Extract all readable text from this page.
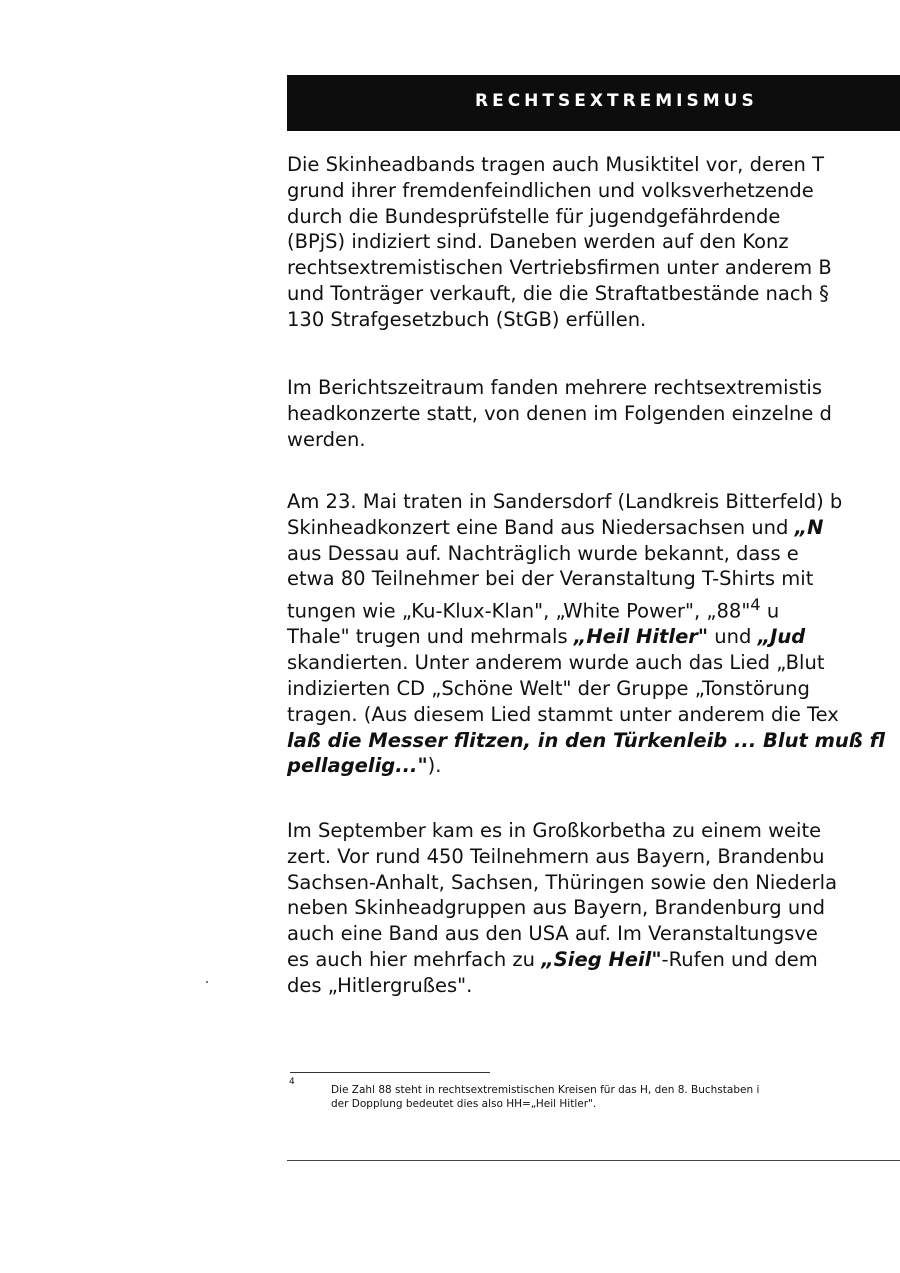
RECHTSEXTREMISMUS

Die Skinheadbands tragen auch Musiktitel vor, deren T
grund ihrer fremdenfeindlichen und volksverhetzende
durch die Bundesprüfstelle für jugendgefährdende
(BPjS) indiziert sind. Daneben werden auf den Konz
rechtsextremistischen Vertriebsfirmen unter anderem B
und Tonträger verkauft, die die Straftatbestände nach §
130 Strafgesetzbuch (StGB) erfüllen.

Im Berichtszeitraum fanden mehrere rechtsextremistis
headkonzerte statt, von denen im Folgenden einzelne d
werden.

Am 23. Mai traten in Sandersdorf (Landkreis Bitterfeld) b
Skinheadkonzert eine Band aus Niedersachsen und „N
aus Dessau auf. Nachträglich wurde bekannt, dass e
etwa 80 Teilnehmer bei der Veranstaltung T-Shirts mit
tungen wie „Ku-Klux-Klan", „White Power", „88"$^4$ u
Thale" trugen und mehrmals „Heil Hitler" und „Jud
skandierten. Unter anderem wurde auch das Lied „Blut
indizierten CD „Schöne Welt" der Gruppe „Tonstörung
tragen. (Aus diesem Lied stammt unter anderem die Tex
laß die Messer flitzen, in den Türkenleib ... Blut muß fl
pellagelig...").

Im September kam es in Großkorbetha zu einem weite
zert. Vor rund 450 Teilnehmern aus Bayern, Brandenbu
Sachsen-Anhalt, Sachsen, Thüringen sowie den Niederla
neben Skinheadgruppen aus Bayern, Brandenburg und
auch eine Band aus den USA auf. Im Veranstaltungsve
es auch hier mehrfach zu „Sieg Heil"-Rufen und dem
des „Hitlergrußes".

4
Die Zahl 88 steht in rechtsextremistischen Kreisen für das H, den 8. Buchstaben i
der Dopplung bedeutet dies also HH=„Heil Hitler".
